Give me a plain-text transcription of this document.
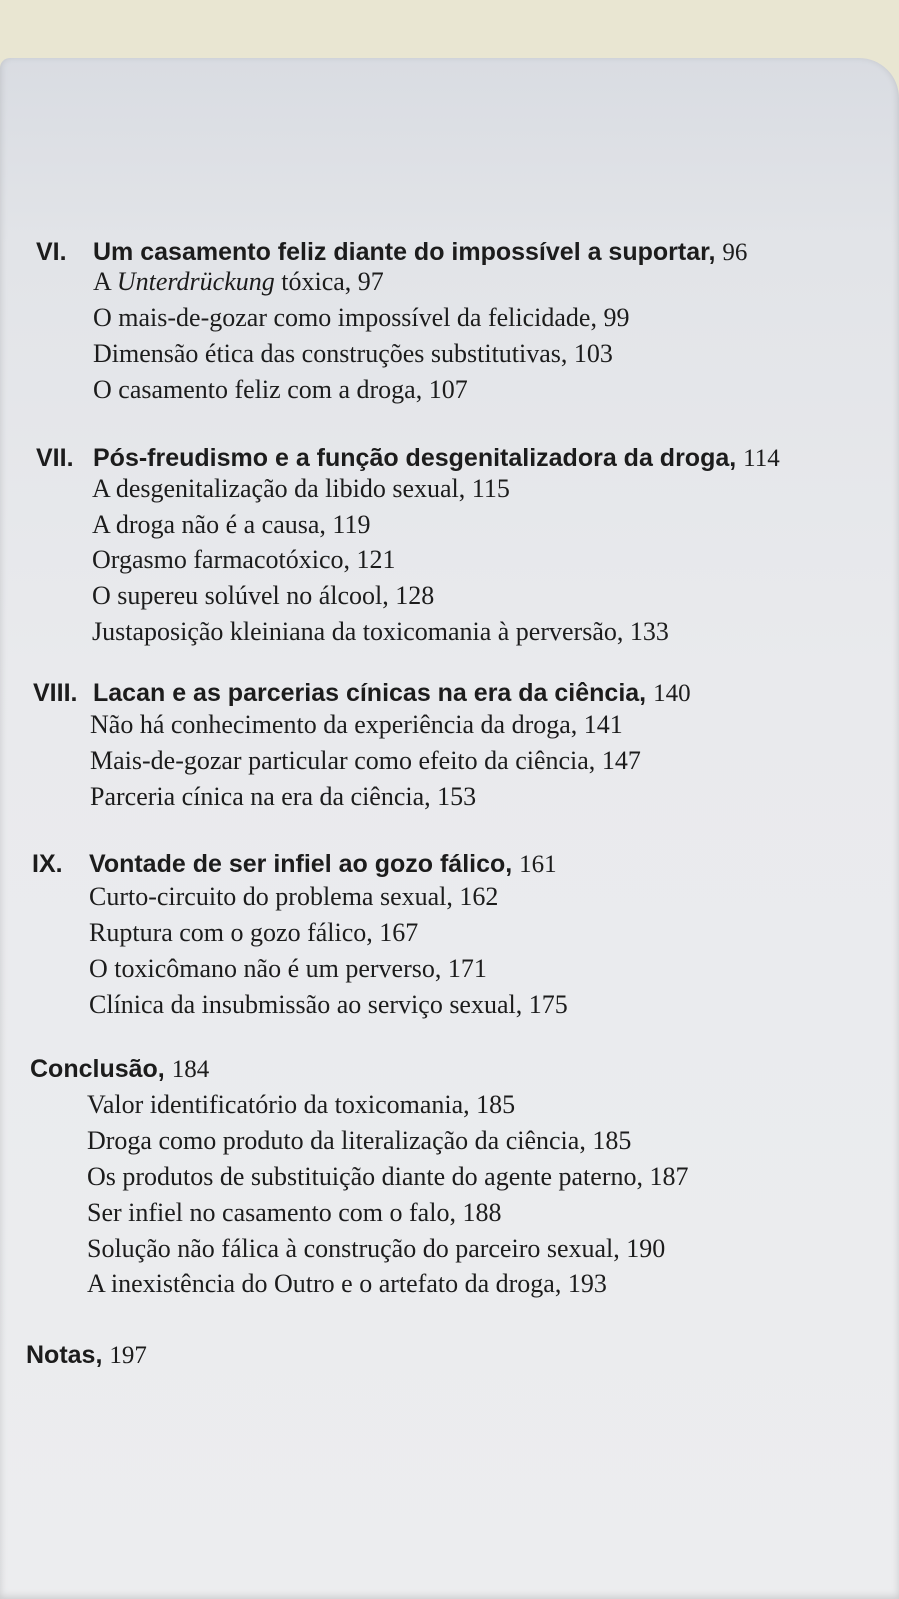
VI. Um casamento feliz diante do impossível a suportar, 96
A Unterdrückung tóxica, 97
O mais-de-gozar como impossível da felicidade, 99
Dimensão ética das construções substitutivas, 103
O casamento feliz com a droga, 107
VII. Pós-freudismo e a função desgenitalizadora da droga, 114
A desgenitalização da libido sexual, 115
A droga não é a causa, 119
Orgasmo farmacotóxico, 121
O supereu solúvel no álcool, 128
Justaposição kleiniana da toxicomania à perversão, 133
VIII. Lacan e as parcerias cínicas na era da ciência, 140
Não há conhecimento da experiência da droga, 141
Mais-de-gozar particular como efeito da ciência, 147
Parceria cínica na era da ciência, 153
IX. Vontade de ser infiel ao gozo fálico, 161
Curto-circuito do problema sexual, 162
Ruptura com o gozo fálico, 167
O toxicômano não é um perverso, 171
Clínica da insubmissão ao serviço sexual, 175
Conclusão, 184
Valor identificatório da toxicomania, 185
Droga como produto da literalização da ciência, 185
Os produtos de substituição diante do agente paterno, 187
Ser infiel no casamento com o falo, 188
Solução não fálica à construção do parceiro sexual, 190
A inexistência do Outro e o artefato da droga, 193
Notas, 197
